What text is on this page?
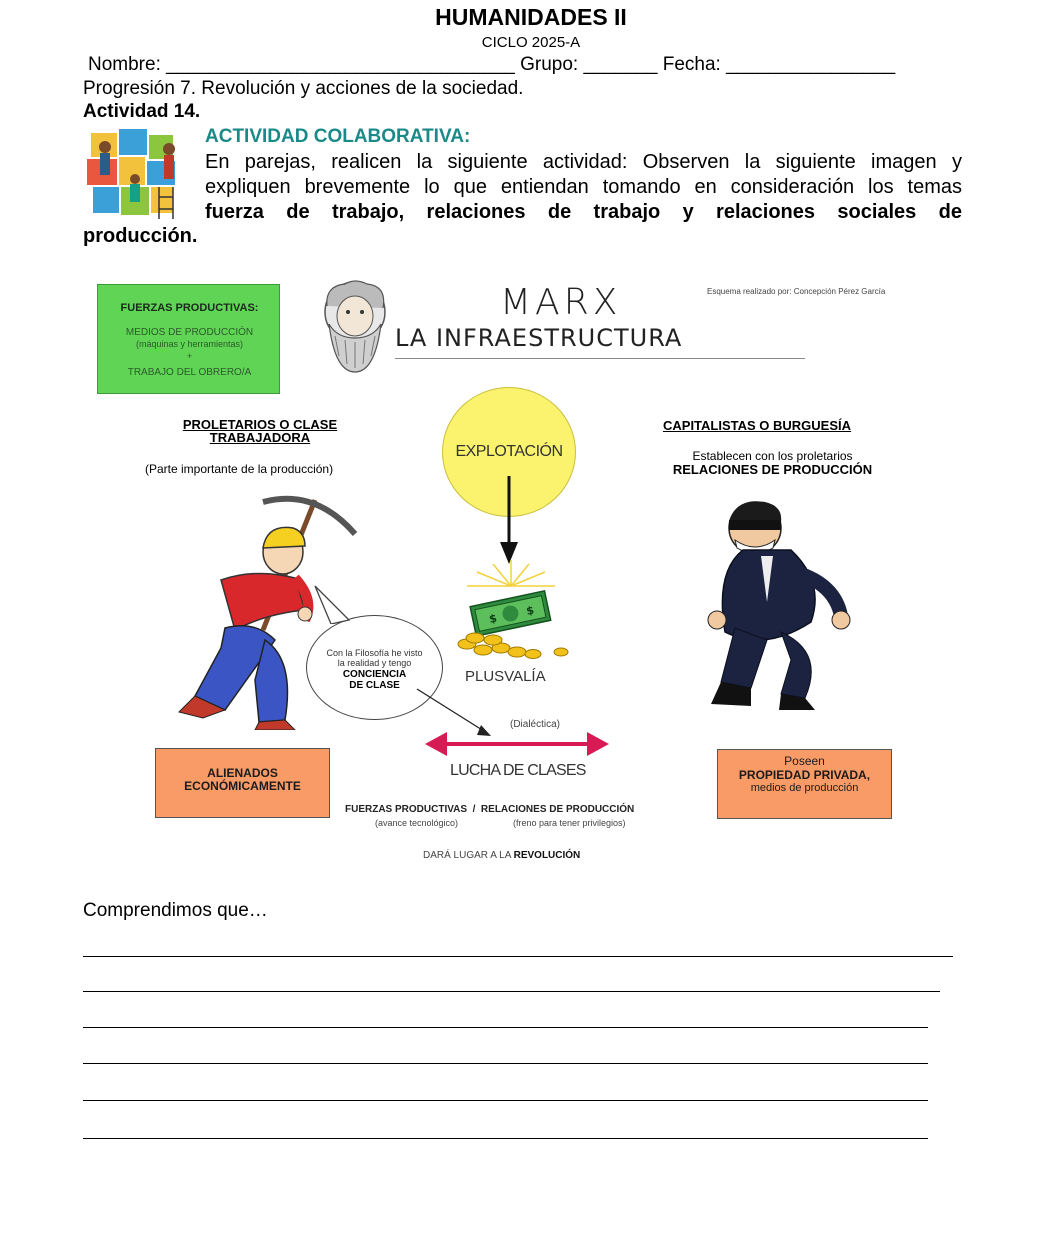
HUMANIDADES II
CICLO 2025-A
Nombre: _________________________________ Grupo: _______ Fecha: ________________
Progresión 7. Revolución y acciones de la sociedad.
Actividad 14.
ACTIVIDAD COLABORATIVA:
En parejas, realicen la siguiente actividad: Observen la siguiente imagen y
expliquen brevemente lo que entiendan tomando en consideración los temas
fuerza de trabajo, relaciones de trabajo y relaciones sociales de
producción.
FUERZAS PRODUCTIVAS:
MEDIOS DE PRODUCCIÓN
(máquinas y herramientas)
+
TRABAJO DEL OBRERO/A
Esquema realizado por: Concepción Pérez García
MARX
LA INFRAESTRUCTURA
PROLETARIOS O CLASE TRABAJADORA
(Parte importante de la producción)
CAPITALISTAS O BURGUESÍA
Establecen con los proletarios
RELACIONES DE PRODUCCIÓN
EXPLOTACIÓN
$
$
PLUSVALÍA
Con la Filosofía he visto
la realidad y tengo
CONCIENCIA
DE CLASE
(Dialéctica)
LUCHA DE CLASES
ALIENADOS
ECONÓMICAMENTE
Poseen
PROPIEDAD PRIVADA,
medios de producción
FUERZAS PRODUCTIVAS  /  RELACIONES DE PRODUCCIÓN
(avance tecnológico)	(freno para tener privilegios)
DARÁ LUGAR A LA REVOLUCIÓN
Comprendimos que…
